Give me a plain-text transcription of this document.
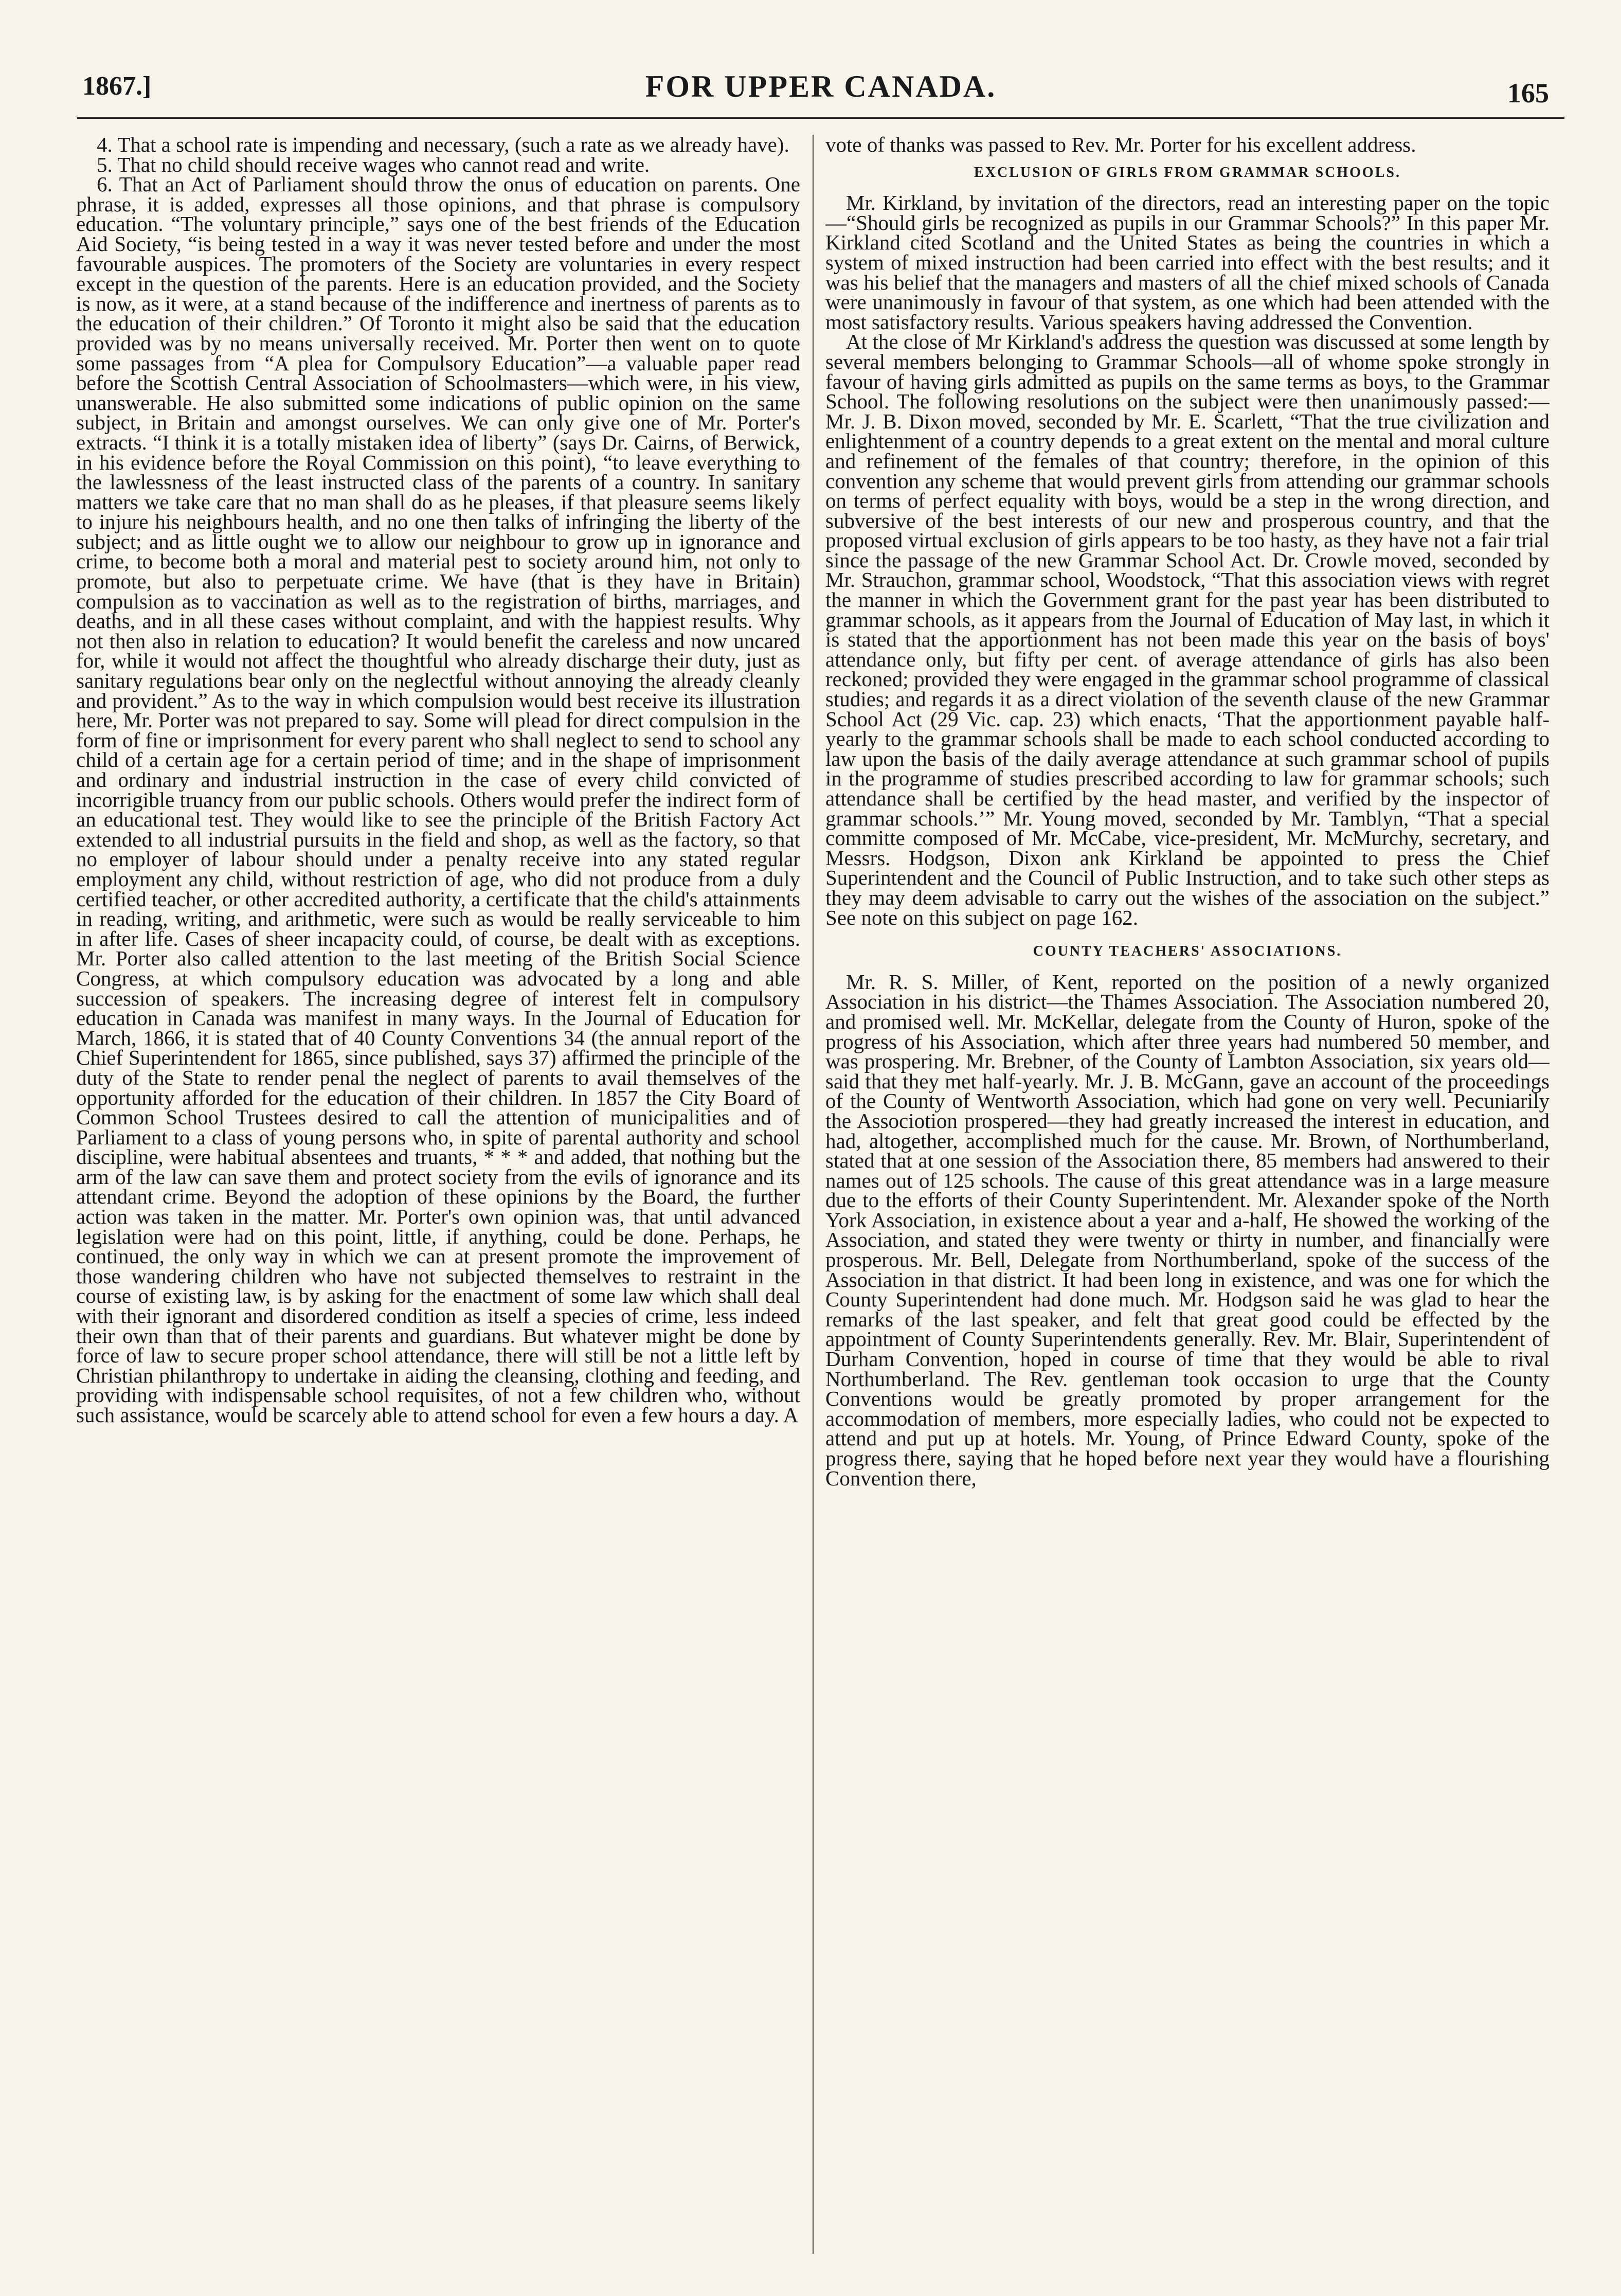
1867.]	FOR UPPER CANADA.	165

4. That a school rate is impending and necessary, (such a rate as we already have).

5. That no child should receive wages who cannot read and write.

6. That an Act of Parliament should throw the onus of education on parents. One phrase, it is added, expresses all those opinions, and that phrase is compulsory education. “The voluntary principle,” says one of the best friends of the Education Aid Society, “is being tested in a way it was never tested before and under the most favourable auspices. The promoters of the Society are voluntaries in every respect except in the question of the parents. Here is an education provided, and the Society is now, as it were, at a stand because of the indifference and inertness of parents as to the education of their children.” Of Toronto it might also be said that the education provided was by no means universally received. Mr. Porter then went on to quote some passages from “A plea for Compulsory Education”—a valuable paper read before the Scottish Central Association of Schoolmasters—which were, in his view, unanswerable. He also submitted some indications of public opinion on the same subject, in Britain and amongst ourselves. We can only give one of Mr. Porter's extracts. “I think it is a totally mistaken idea of liberty” (says Dr. Cairns, of Berwick, in his evidence before the Royal Commission on this point), “to leave everything to the lawlessness of the least instructed class of the parents of a country. In sanitary matters we take care that no man shall do as he pleases, if that pleasure seems likely to injure his neighbours health, and no one then talks of infringing the liberty of the subject; and as little ought we to allow our neighbour to grow up in ignorance and crime, to become both a moral and material pest to society around him, not only to promote, but also to perpetuate crime. We have (that is they have in Britain) compulsion as to vaccination as well as to the registration of births, marriages, and deaths, and in all these cases without complaint, and with the happiest results. Why not then also in relation to education? It would benefit the careless and now uncared for, while it would not affect the thoughtful who already discharge their duty, just as sanitary regulations bear only on the neglectful without annoying the already cleanly and provident.” As to the way in which compulsion would best receive its illustration here, Mr. Porter was not prepared to say. Some will plead for direct compulsion in the form of fine or imprisonment for every parent who shall neglect to send to school any child of a certain age for a certain period of time; and in the shape of imprisonment and ordinary and industrial instruction in the case of every child convicted of incorrigible truancy from our public schools. Others would prefer the indirect form of an educational test. They would like to see the principle of the British Factory Act extended to all industrial pursuits in the field and shop, as well as the factory, so that no employer of labour should under a penalty receive into any stated regular employment any child, without restriction of age, who did not produce from a duly certified teacher, or other accredited authority, a certificate that the child's attainments in reading, writing, and arithmetic, were such as would be really serviceable to him in after life. Cases of sheer incapacity could, of course, be dealt with as exceptions. Mr. Porter also called attention to the last meeting of the British Social Science Congress, at which compulsory education was advocated by a long and able succession of speakers. The increasing degree of interest felt in compulsory education in Canada was manifest in many ways. In the Journal of Education for March, 1866, it is stated that of 40 County Conventions 34 (the annual report of the Chief Superintendent for 1865, since published, says 37) affirmed the principle of the duty of the State to render penal the neglect of parents to avail themselves of the opportunity afforded for the education of their children. In 1857 the City Board of Common School Trustees desired to call the attention of municipalities and of Parliament to a class of young persons who, in spite of parental authority and school discipline, were habitual absentees and truants, * * * and added, that nothing but the arm of the law can save them and protect society from the evils of ignorance and its attendant crime. Beyond the adoption of these opinions by the Board, the further action was taken in the matter. Mr. Porter's own opinion was, that until advanced legislation were had on this point, little, if anything, could be done. Perhaps, he continued, the only way in which we can at present promote the improvement of those wandering children who have not subjected themselves to restraint in the course of existing law, is by asking for the enactment of some law which shall deal with their ignorant and disordered condition as itself a species of crime, less indeed their own than that of their parents and guardians. But whatever might be done by force of law to secure proper school attendance, there will still be not a little left by Christian philanthropy to undertake in aiding the cleansing, clothing and feeding, and providing with indispensable school requisites, of not a few children who, without such assistance, would be scarcely able to attend school for even a few hours a day. A

vote of thanks was passed to Rev. Mr. Porter for his excellent address.

EXCLUSION OF GIRLS FROM GRAMMAR SCHOOLS.

Mr. Kirkland, by invitation of the directors, read an interesting paper on the topic—“Should girls be recognized as pupils in our Grammar Schools?” In this paper Mr. Kirkland cited Scotland and the United States as being the countries in which a system of mixed instruction had been carried into effect with the best results; and it was his belief that the managers and masters of all the chief mixed schools of Canada were unanimously in favour of that system, as one which had been attended with the most satisfactory results. Various speakers having addressed the Convention.

At the close of Mr Kirkland's address the question was discussed at some length by several members belonging to Grammar Schools—all of whome spoke strongly in favour of having girls admitted as pupils on the same terms as boys, to the Grammar School. The following resolutions on the subject were then unanimously passed:—Mr. J. B. Dixon moved, seconded by Mr. E. Scarlett, “That the true civilization and enlightenment of a country depends to a great extent on the mental and moral culture and refinement of the females of that country; therefore, in the opinion of this convention any scheme that would prevent girls from attending our grammar schools on terms of perfect equality with boys, would be a step in the wrong direction, and subversive of the best interests of our new and prosperous country, and that the proposed virtual exclusion of girls appears to be too hasty, as they have not a fair trial since the passage of the new Grammar School Act. Dr. Crowle moved, seconded by Mr. Strauchon, grammar school, Woodstock, “That this association views with regret the manner in which the Government grant for the past year has been distributed to grammar schools, as it appears from the Journal of Education of May last, in which it is stated that the apportionment has not been made this year on the basis of boys' attendance only, but fifty per cent. of average attendance of girls has also been reckoned; provided they were engaged in the grammar school programme of classical studies; and regards it as a direct violation of the seventh clause of the new Grammar School Act (29 Vic. cap. 23) which enacts, ‘That the apportionment payable half-yearly to the grammar schools shall be made to each school conducted according to law upon the basis of the daily average attendance at such grammar school of pupils in the programme of studies prescribed according to law for grammar schools; such attendance shall be certified by the head master, and verified by the inspector of grammar schools.’” Mr. Young moved, seconded by Mr. Tamblyn, “That a special committe composed of Mr. McCabe, vice-president, Mr. McMurchy, secretary, and Messrs. Hodgson, Dixon ank Kirkland be appointed to press the Chief Superintendent and the Council of Public Instruction, and to take such other steps as they may deem advisable to carry out the wishes of the association on the subject.” See note on this subject on page 162.

COUNTY TEACHERS' ASSOCIATIONS.

Mr. R. S. Miller, of Kent, reported on the position of a newly organized Association in his district—the Thames Association. The Association numbered 20, and promised well. Mr. McKellar, delegate from the County of Huron, spoke of the progress of his Association, which after three years had numbered 50 member, and was prospering. Mr. Brebner, of the County of Lambton Association, six years old—said that they met half-yearly. Mr. J. B. McGann, gave an account of the proceedings of the County of Wentworth Association, which had gone on very well. Pecuniarily the Associotion prospered—they had greatly increased the interest in education, and had, altogether, accomplished much for the cause. Mr. Brown, of Northumberland, stated that at one session of the Association there, 85 members had answered to their names out of 125 schools. The cause of this great attendance was in a large measure due to the efforts of their County Superintendent. Mr. Alexander spoke of the North York Association, in existence about a year and a-half, He showed the working of the Association, and stated they were twenty or thirty in number, and financially were prosperous. Mr. Bell, Delegate from Northumberland, spoke of the success of the Association in that district. It had been long in existence, and was one for which the County Superintendent had done much. Mr. Hodgson said he was glad to hear the remarks of the last speaker, and felt that great good could be effected by the appointment of County Superintendents generally. Rev. Mr. Blair, Superintendent of Durham Convention, hoped in course of time that they would be able to rival Northumberland. The Rev. gentleman took occasion to urge that the County Conventions would be greatly promoted by proper arrangement for the accommodation of members, more especially ladies, who could not be expected to attend and put up at hotels. Mr. Young, of Prince Edward County, spoke of the progress there, saying that he hoped before next year they would have a flourishing Convention there,
